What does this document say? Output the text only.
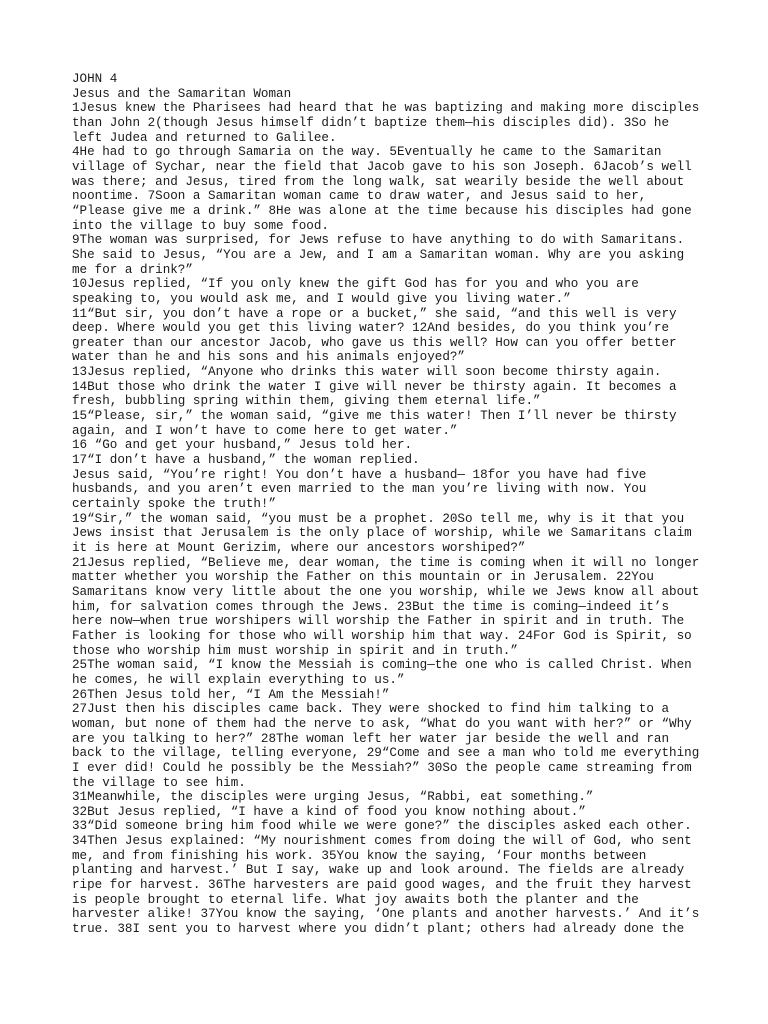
JOHN 4

Jesus and the Samaritan Woman

1Jesus knew the Pharisees had heard that he was baptizing and making more disciples

than John 2(though Jesus himself didn’t baptize them—his disciples did). 3So he

left Judea and returned to Galilee.

4He had to go through Samaria on the way. 5Eventually he came to the Samaritan

village of Sychar, near the field that Jacob gave to his son Joseph. 6Jacob’s well

was there; and Jesus, tired from the long walk, sat wearily beside the well about

noontime. 7Soon a Samaritan woman came to draw water, and Jesus said to her,

“Please give me a drink.” 8He was alone at the time because his disciples had gone

into the village to buy some food.

9The woman was surprised, for Jews refuse to have anything to do with Samaritans.

She said to Jesus, “You are a Jew, and I am a Samaritan woman. Why are you asking

me for a drink?”

10Jesus replied, “If you only knew the gift God has for you and who you are

speaking to, you would ask me, and I would give you living water.”

11“But sir, you don’t have a rope or a bucket,” she said, “and this well is very

deep. Where would you get this living water? 12And besides, do you think you’re

greater than our ancestor Jacob, who gave us this well? How can you offer better

water than he and his sons and his animals enjoyed?”

13Jesus replied, “Anyone who drinks this water will soon become thirsty again.

14But those who drink the water I give will never be thirsty again. It becomes a

fresh, bubbling spring within them, giving them eternal life.”

15“Please, sir,” the woman said, “give me this water! Then I’ll never be thirsty

again, and I won’t have to come here to get water.”

16 “Go and get your husband,” Jesus told her.

17“I don’t have a husband,” the woman replied.

Jesus said, “You’re right! You don’t have a husband— 18for you have had five

husbands, and you aren’t even married to the man you’re living with now. You

certainly spoke the truth!”

19“Sir,” the woman said, “you must be a prophet. 20So tell me, why is it that you

Jews insist that Jerusalem is the only place of worship, while we Samaritans claim

it is here at Mount Gerizim, where our ancestors worshiped?”

21Jesus replied, “Believe me, dear woman, the time is coming when it will no longer

matter whether you worship the Father on this mountain or in Jerusalem. 22You

Samaritans know very little about the one you worship, while we Jews know all about

him, for salvation comes through the Jews. 23But the time is coming—indeed it’s

here now—when true worshipers will worship the Father in spirit and in truth. The

Father is looking for those who will worship him that way. 24For God is Spirit, so

those who worship him must worship in spirit and in truth.”

25The woman said, “I know the Messiah is coming—the one who is called Christ. When

he comes, he will explain everything to us.”

26Then Jesus told her, “I Am the Messiah!”

27Just then his disciples came back. They were shocked to find him talking to a

woman, but none of them had the nerve to ask, “What do you want with her?” or “Why

are you talking to her?” 28The woman left her water jar beside the well and ran

back to the village, telling everyone, 29“Come and see a man who told me everything

I ever did! Could he possibly be the Messiah?” 30So the people came streaming from

the village to see him.

31Meanwhile, the disciples were urging Jesus, “Rabbi, eat something.”

32But Jesus replied, “I have a kind of food you know nothing about.”

33“Did someone bring him food while we were gone?” the disciples asked each other.

34Then Jesus explained: “My nourishment comes from doing the will of God, who sent

me, and from finishing his work. 35You know the saying, ‘Four months between

planting and harvest.’ But I say, wake up and look around. The fields are already

ripe for harvest. 36The harvesters are paid good wages, and the fruit they harvest

is people brought to eternal life. What joy awaits both the planter and the

harvester alike! 37You know the saying, ‘One plants and another harvests.’ And it’s

true. 38I sent you to harvest where you didn’t plant; others had already done the
